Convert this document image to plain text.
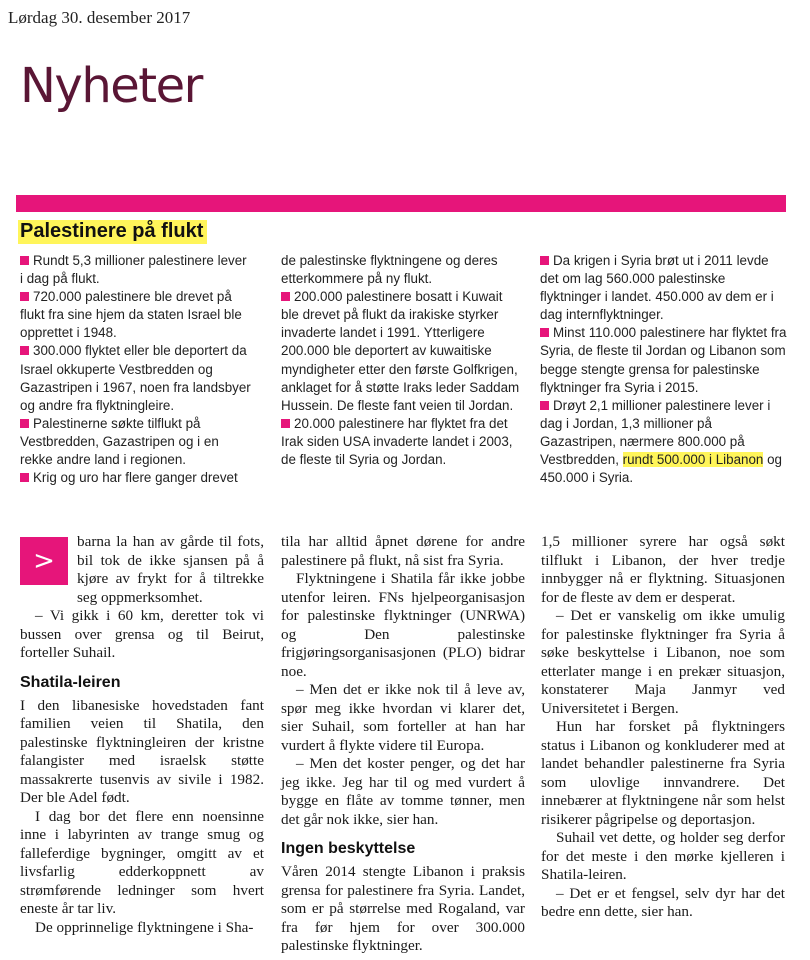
Lørdag 30. desember 2017
Nyheter
Palestinere på flukt

Rundt 5,3 millioner palestinere lever i dag på flukt.

720.000 palestinere ble drevet på flukt fra sine hjem da staten Israel ble opprettet i 1948.

300.000 flyktet eller ble deportert da Israel okkuperte Vestbredden og Gazastripen i 1967, noen fra landsbyer og andre fra flyktningleire.

Palestinerne søkte tilflukt på Vestbredden, Gazastripen og i en rekke andre land i regionen.

Krig og uro har flere ganger drevet

de palestinske flyktningene og deres etterkommere på ny flukt.

200.000 palestinere bosatt i Kuwait ble drevet på flukt da irakiske styrker invaderte landet i 1991. Ytterligere 200.000 ble deportert av kuwaitiske myndigheter etter den første Golfkrigen, anklaget for å støtte Iraks leder Saddam Hussein. De fleste fant veien til Jordan.

20.000 palestinere har flyktet fra det Irak siden USA invaderte landet i 2003, de fleste til Syria og Jordan.

Da krigen i Syria brøt ut i 2011 levde det om lag 560.000 palestinske flyktninger i landet. 450.000 av dem er i dag internflyktninger.

Minst 110.000 palestinere har flyktet fra Syria, de fleste til Jordan og Libanon som begge stengte grensa for palestinske flyktninger fra Syria i 2015.

Drøyt 2,1 millioner palestinere lever i dag i Jordan, 1,3 millioner på Gazastripen, nærmere 800.000 på Vestbredden, rundt 500.000 i Libanon og 450.000 i Syria.

>

barna la han av gårde til fots, bil tok de ikke sjansen på å kjøre av frykt for å tiltrekke seg oppmerksomhet.

– Vi gikk i 60 km, deretter tok vi bussen over grensa og til Beirut, forteller Suhail.

Shatila-leiren

I den libanesiske hovedstaden fant familien veien til Shatila, den palestinske flyktningleiren der kristne falangister med israelsk støtte massakrerte tusenvis av sivile i 1982. Der ble Adel født.

I dag bor det flere enn noensinne inne i labyrinten av trange smug og falleferdige bygninger, omgitt av et livsfarlig edderkoppnett av strømførende ledninger som hvert eneste år tar liv.

De opprinnelige flyktningene i Sha-

tila har alltid åpnet dørene for andre palestinere på flukt, nå sist fra Syria.

Flyktningene i Shatila får ikke jobbe utenfor leiren. FNs hjelpeorganisasjon for palestinske flyktninger (UNRWA) og Den palestinske frigjøringsorganisasjonen (PLO) bidrar noe.

– Men det er ikke nok til å leve av, spør meg ikke hvordan vi klarer det, sier Suhail, som forteller at han har vurdert å flykte videre til Europa.

– Men det koster penger, og det har jeg ikke. Jeg har til og med vurdert å bygge en flåte av tomme tønner, men det går nok ikke, sier han.

Ingen beskyttelse

Våren 2014 stengte Libanon i praksis grensa for palestinere fra Syria. Landet, som er på størrelse med Rogaland, var fra før hjem for over 300.000 palestinske flyktninger.

1,5 millioner syrere har også søkt tilflukt i Libanon, der hver tredje innbygger nå er flyktning. Situasjonen for de fleste av dem er desperat.

– Det er vanskelig om ikke umulig for palestinske flyktninger fra Syria å søke beskyttelse i Libanon, noe som etterlater mange i en prekær situasjon, konstaterer Maja Janmyr ved Universitetet i Bergen.

Hun har forsket på flyktningers status i Libanon og konkluderer med at landet behandler palestinerne fra Syria som ulovlige innvandrere. Det innebærer at flyktningene når som helst risikerer pågripelse og deportasjon.

Suhail vet dette, og holder seg derfor for det meste i den mørke kjelleren i Shatila-leiren.

– Det er et fengsel, selv dyr har det bedre enn dette, sier han.
